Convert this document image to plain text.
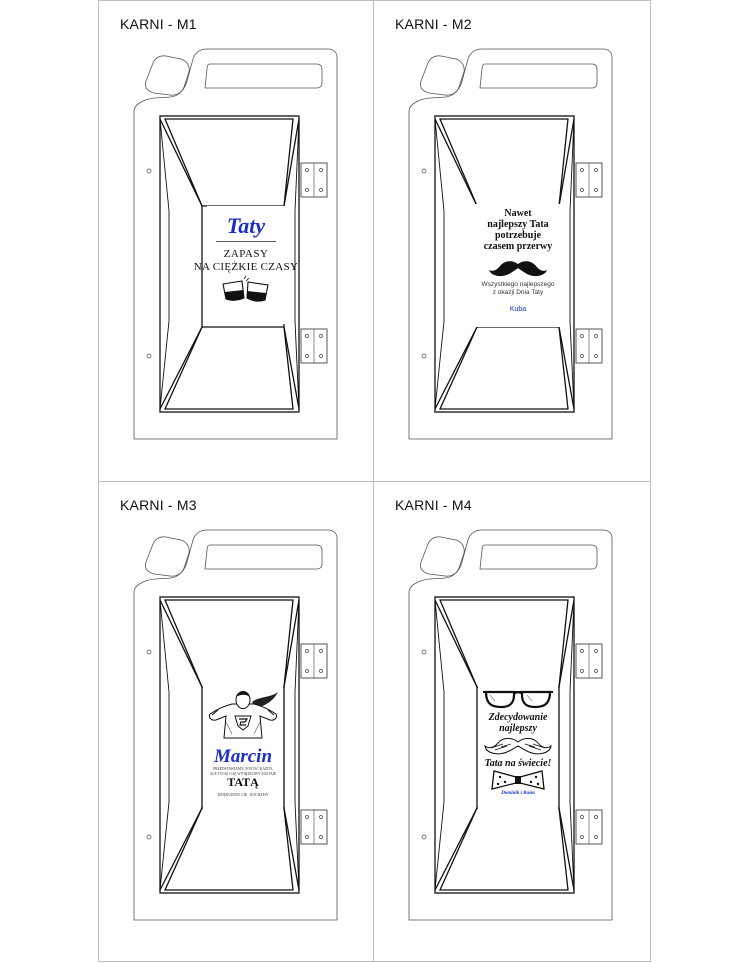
KARNI - M1
Taty
ZAPASY
NA CIĘŻKIE CZASY
KARNI - M2
Nawet
najlepszy Tata
potrzebuje
czasem przerwy
Wszystkiego najlepszego
z okazji Dnia Taty
Kuba
KARNI - M3
Marcin
PRZEDSTAWIAMY: ZOSTAĆ KAŻDY,
ALE TYLKO CIĘ WYJĄTKOWY ZOSTAJE
TATĄ
DZIĘKUJEMY CIĘ · KOCHAMY
KARNI - M4
Zdecydowanie
najlepszy
Tata na świecie!
Dominik i Basia
